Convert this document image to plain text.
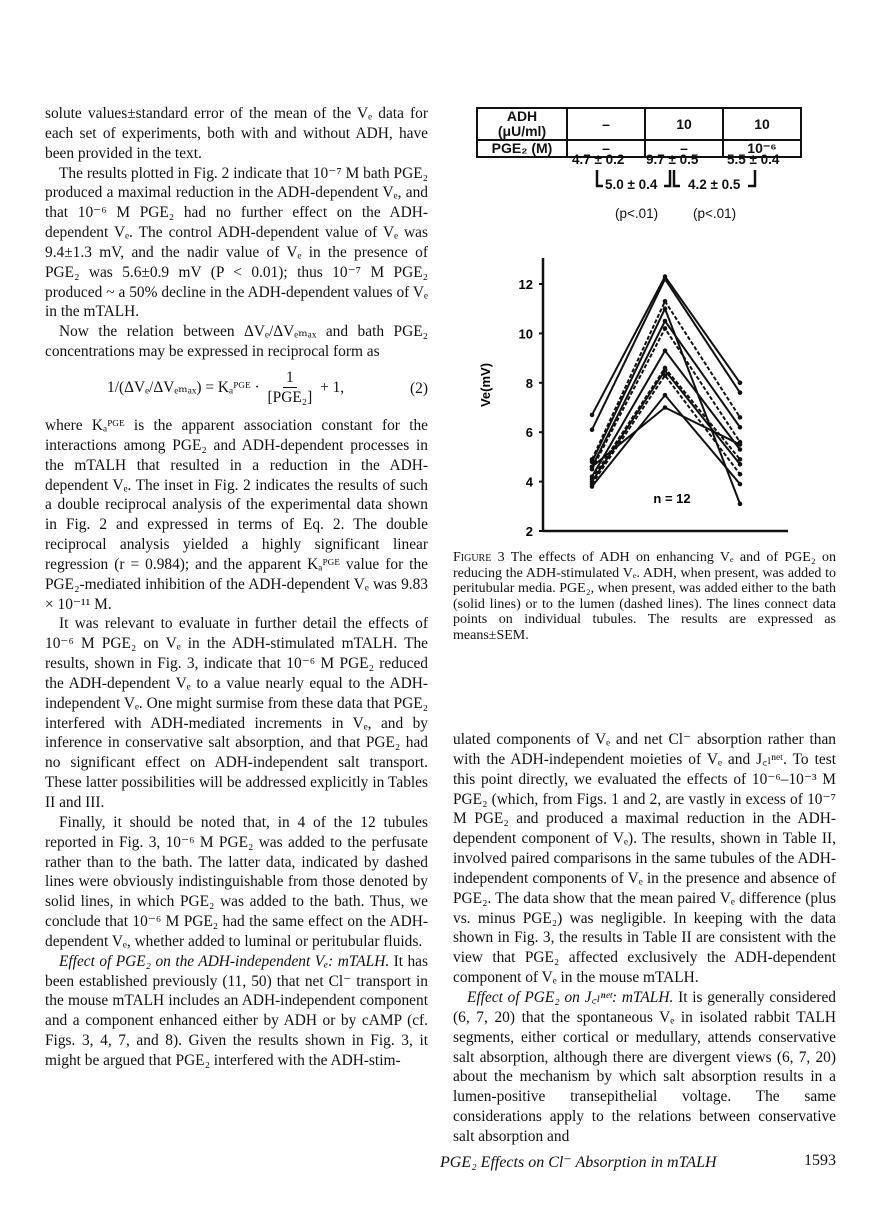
solute values±standard error of the mean of the Vₑ data for each set of experiments, both with and without ADH, have been provided in the text.

The results plotted in Fig. 2 indicate that 10⁻⁷ M bath PGE₂ produced a maximal reduction in the ADH-dependent Vₑ, and that 10⁻⁶ M PGE₂ had no further effect on the ADH-dependent Vₑ. The control ADH-dependent value of Vₑ was 9.4±1.3 mV, and the nadir value of Vₑ in the presence of PGE₂ was 5.6±0.9 mV (P < 0.01); thus 10⁻⁷ M PGE₂ produced ~ a 50% decline in the ADH-dependent values of Vₑ in the mTALH.

Now the relation between ΔVₑ/ΔVₑₘₐₓ and bath PGE₂ concentrations may be expressed in reciprocal form as

1/(ΔVₑ/ΔVₑₘₐₓ) = Kₐᴾᴳᴱ · $\frac{1}{\text{[PGE₂]}} + 1$,	(2)

where Kₐᴾᴳᴱ is the apparent association constant for the interactions among PGE₂ and ADH-dependent processes in the mTALH that resulted in a reduction in the ADH-dependent Vₑ. The inset in Fig. 2 indicates the results of such a double reciprocal analysis of the experimental data shown in Fig. 2 and expressed in terms of Eq. 2. The double reciprocal analysis yielded a highly significant linear regression (r = 0.984); and the apparent Kₐᴾᴳᴱ value for the PGE₂-mediated inhibition of the ADH-dependent Vₑ was 9.83 × 10⁻¹¹ M.

It was relevant to evaluate in further detail the effects of 10⁻⁶ M PGE₂ on Vₑ in the ADH-stimulated mTALH. The results, shown in Fig. 3, indicate that 10⁻⁶ M PGE₂ reduced the ADH-dependent Vₑ to a value nearly equal to the ADH-independent Vₑ. One might surmise from these data that PGE₂ interfered with ADH-mediated increments in Vₑ, and by inference in conservative salt absorption, and that PGE₂ had no significant effect on ADH-independent salt transport. These latter possibilities will be addressed explicitly in Tables II and III.

Finally, it should be noted that, in 4 of the 12 tubules reported in Fig. 3, 10⁻⁶ M PGE₂ was added to the perfusate rather than to the bath. The latter data, indicated by dashed lines were obviously indistinguishable from those denoted by solid lines, in which PGE₂ was added to the bath. Thus, we conclude that 10⁻⁶ M PGE₂ had the same effect on the ADH-dependent Vₑ, whether added to luminal or peritubular fluids.

Effect of PGE₂ on the ADH-independent Vₑ: mTALH. It has been established previously (11, 50) that net Cl⁻ transport in the mouse mTALH includes an ADH-independent component and a component enhanced either by ADH or by cAMP (cf. Figs. 3, 4, 7, and 8). Given the results shown in Fig. 3, it might be argued that PGE₂ interfered with the ADH-stim-

ulated components of Vₑ and net Cl⁻ absorption rather than with the ADH-independent moieties of Vₑ and J꜀ₗⁿᵉᵗ. To test this point directly, we evaluated the effects of 10⁻⁶–10⁻³ M PGE₂ (which, from Figs. 1 and 2, are vastly in excess of 10⁻⁷ M PGE₂ and produced a maximal reduction in the ADH-dependent component of Vₑ). The results, shown in Table II, involved paired comparisons in the same tubules of the ADH-independent components of Vₑ in the presence and absence of PGE₂. The data show that the mean paired Vₑ difference (plus vs. minus PGE₂) was negligible. In keeping with the data shown in Fig. 3, the results in Table II are consistent with the view that PGE₂ affected exclusively the ADH-dependent component of Vₑ in the mouse mTALH.

Effect of PGE₂ on J꜀ₗⁿᵉᵗ: mTALH. It is generally considered (6, 7, 20) that the spontaneous Vₑ in isolated rabbit TALH segments, either cortical or medullary, attends conservative salt absorption, although there are divergent views (6, 7, 20) about the mechanism by which salt absorption results in a lumen-positive transepithelial voltage. The same considerations apply to the relations between conservative salt absorption and

ADH (μU/ml)	–	10	10
PGE₂ (M)	–	–	10⁻⁶
4.7 ± 0.2 9.7 ± 0.5 5.5 ± 0.4
5.0 ± 0.4 4.2 ± 0.5
(p<.01)	(p<.01)
2
4
6
8
10
12
Ve(mV)
n = 12
Figure 3 The effects of ADH on enhancing Vₑ and of PGE₂ on reducing the ADH-stimulated Vₑ. ADH, when present, was added to peritubular media. PGE₂, when present, was added either to the bath (solid lines) or to the lumen (dashed lines). The lines connect data points on individual tubules. The results are expressed as means±SEM.
PGE₂ Effects on Cl⁻ Absorption in mTALH	1593
